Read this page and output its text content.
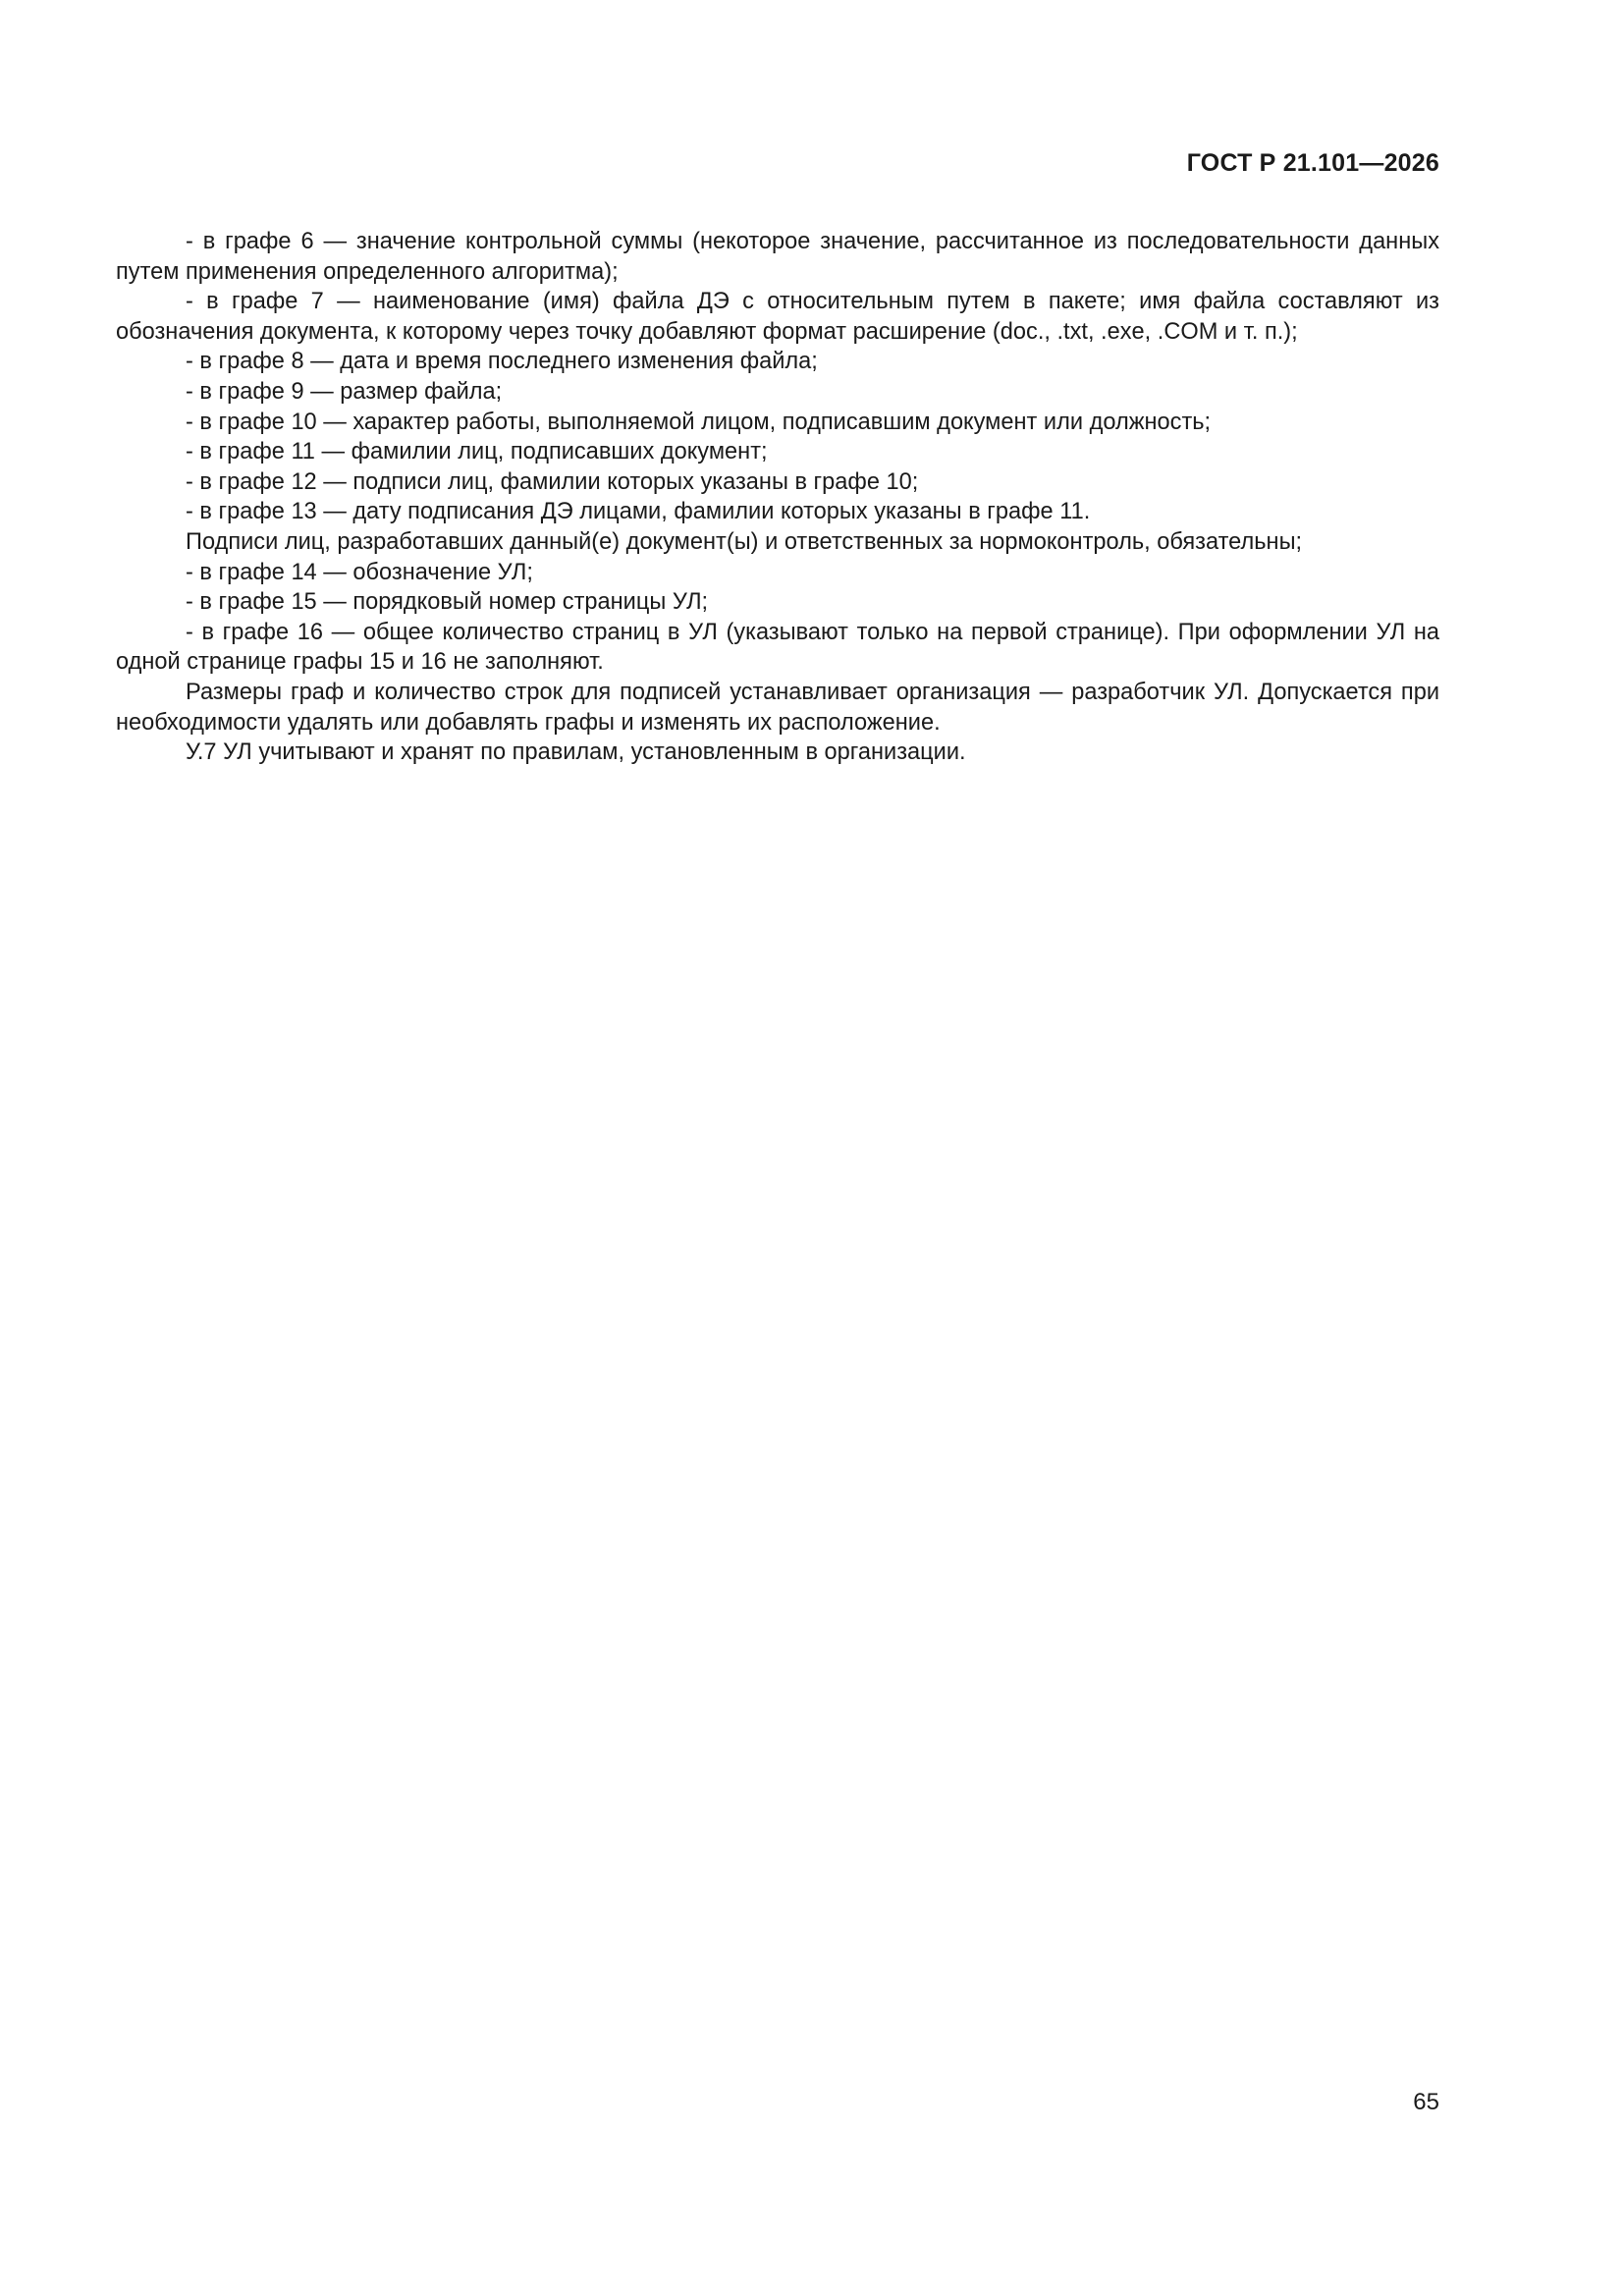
ГОСТ Р 21.101—2026

- в графе 6 — значение контрольной суммы (некоторое значение, рассчитанное из последовательности данных путем применения определенного алгоритма);

- в графе 7 — наименование (имя) файла ДЭ с относительным путем в пакете; имя файла составляют из обозначения документа, к которому через точку добавляют формат расширение (doc., .txt, .exe, .COM и т. п.);

- в графе 8 — дата и время последнего изменения файла;

- в графе 9 — размер файла;

- в графе 10 — характер работы, выполняемой лицом, подписавшим документ или должность;

- в графе 11 — фамилии лиц, подписавших документ;

- в графе 12 — подписи лиц, фамилии которых указаны в графе 10;

- в графе 13 — дату подписания ДЭ лицами, фамилии которых указаны в графе 11.

Подписи лиц, разработавших данный(е) документ(ы) и ответственных за нормоконтроль, обязательны;

- в графе 14 — обозначение УЛ;

- в графе 15 — порядковый номер страницы УЛ;

- в графе 16 — общее количество страниц в УЛ (указывают только на первой странице). При оформлении УЛ на одной странице графы 15 и 16 не заполняют.

Размеры граф и количество строк для подписей устанавливает организация — разработчик УЛ. Допускается при необходимости удалять или добавлять графы и изменять их расположение.

У.7 УЛ учитывают и хранят по правилам, установленным в организации.

65
